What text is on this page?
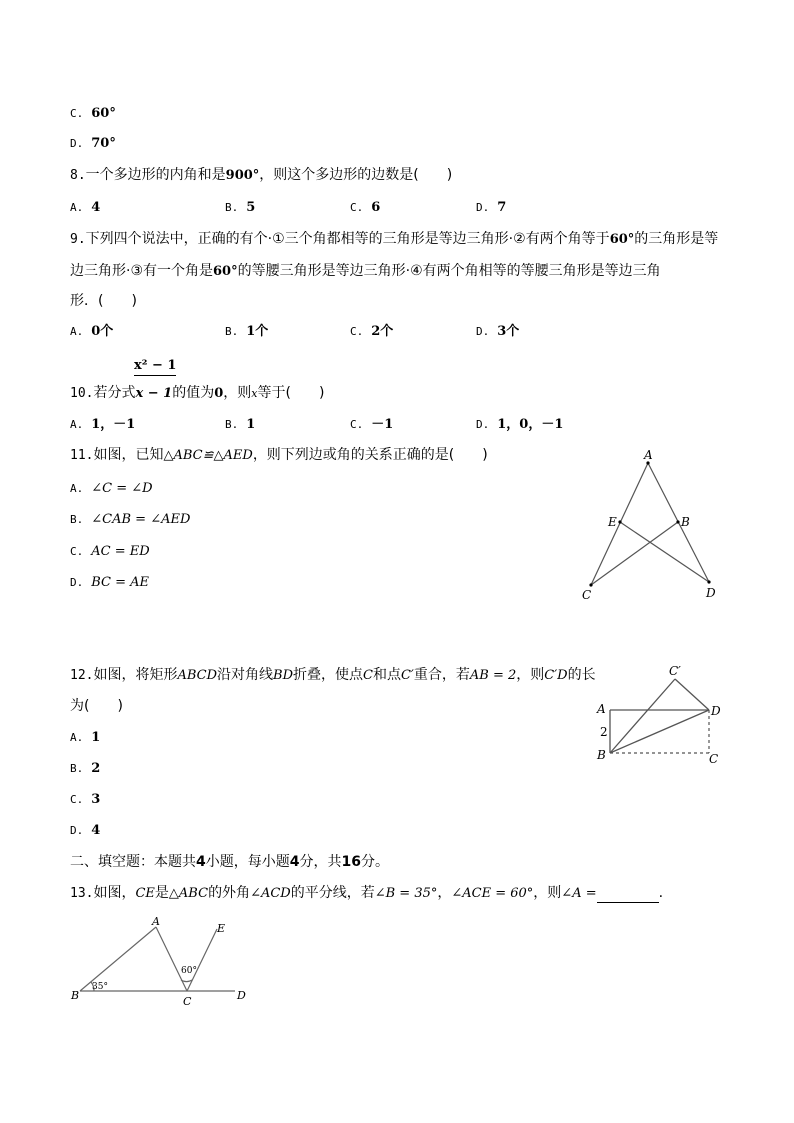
C. 60°
D. 70°
8.一个多边形的内角和是900°，则这个多边形的边数是(　　)
A. 4	B. 5	C. 6	D. 7
9.下列四个说法中，正确的有个·①三个角都相等的三角形是等边三角形·②有两个角等于60°的三角形是等
边三角形·③有一个角是60°的等腰三角形是等边三角形·④有两个角相等的等腰三角形是等边三角
形．(　　)
A. 0个	B. 1个	C. 2个	D. 3个
x² − 1
10.若分式x − 1的值为0，则x等于(　　)
A. 1，－1	B. 1	C. －1	D. 1，0，－1
11.如图，已知△ABC≌△AED，则下列边或角的关系正确的是(　　)
A. ∠C = ∠D
B. ∠CAB = ∠AED
C. AC = ED
D. BC = AE
A
E	B
C	D
12.如图，将矩形ABCD沿对角线BD折叠，使点C和点C′重合，若AB = 2，则C′D的长
为(　　)
A. 1
B. 2
C. 3
D. 4
C′
A	D
B	C
2
二、填空题：本题共4小题，每小题4分，共16分。
13.如图，CE是△ABC的外角∠ACD的平分线，若∠B = 35°，∠ACE = 60°，则∠A =	.
A
E
B	C	D
35°
60°
